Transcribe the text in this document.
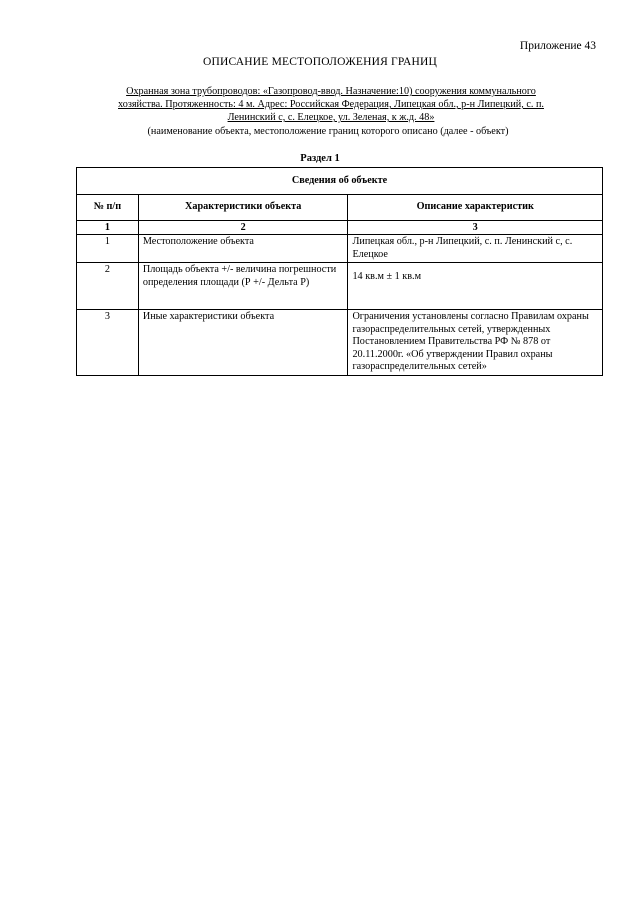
Приложение 43
ОПИСАНИЕ МЕСТОПОЛОЖЕНИЯ ГРАНИЦ
Охранная зона трубопроводов: «Газопровод-ввод. Назначение:10) сооружения коммунального
хозяйства. Протяженность: 4 м. Адрес: Российская Федерация, Липецкая обл., р-н Липецкий, с. п.
Ленинский с, с. Елецкое, ул. Зеленая, к ж.д. 48»
(наименование объекта, местоположение границ которого описано (далее - объект)
Раздел 1
Сведения об объекте		
№ п/п	Характеристики объекта	Описание характеристик
1	2	3
1	Местоположение объекта	Липецкая обл., р-н Липецкий, с. п. Ленинский с, с. Елецкое
2	Площадь объекта +/- величина погрешности определения площади (Р +/- Дельта Р)	14 кв.м ± 1 кв.м
3	Иные характеристики объекта	Ограничения установлены согласно Правилам охраны газораспределительных сетей, утвержденных Постановлением Правительства РФ № 878 от 20.11.2000г. «Об утверждении Правил охраны газораспределительных сетей»
